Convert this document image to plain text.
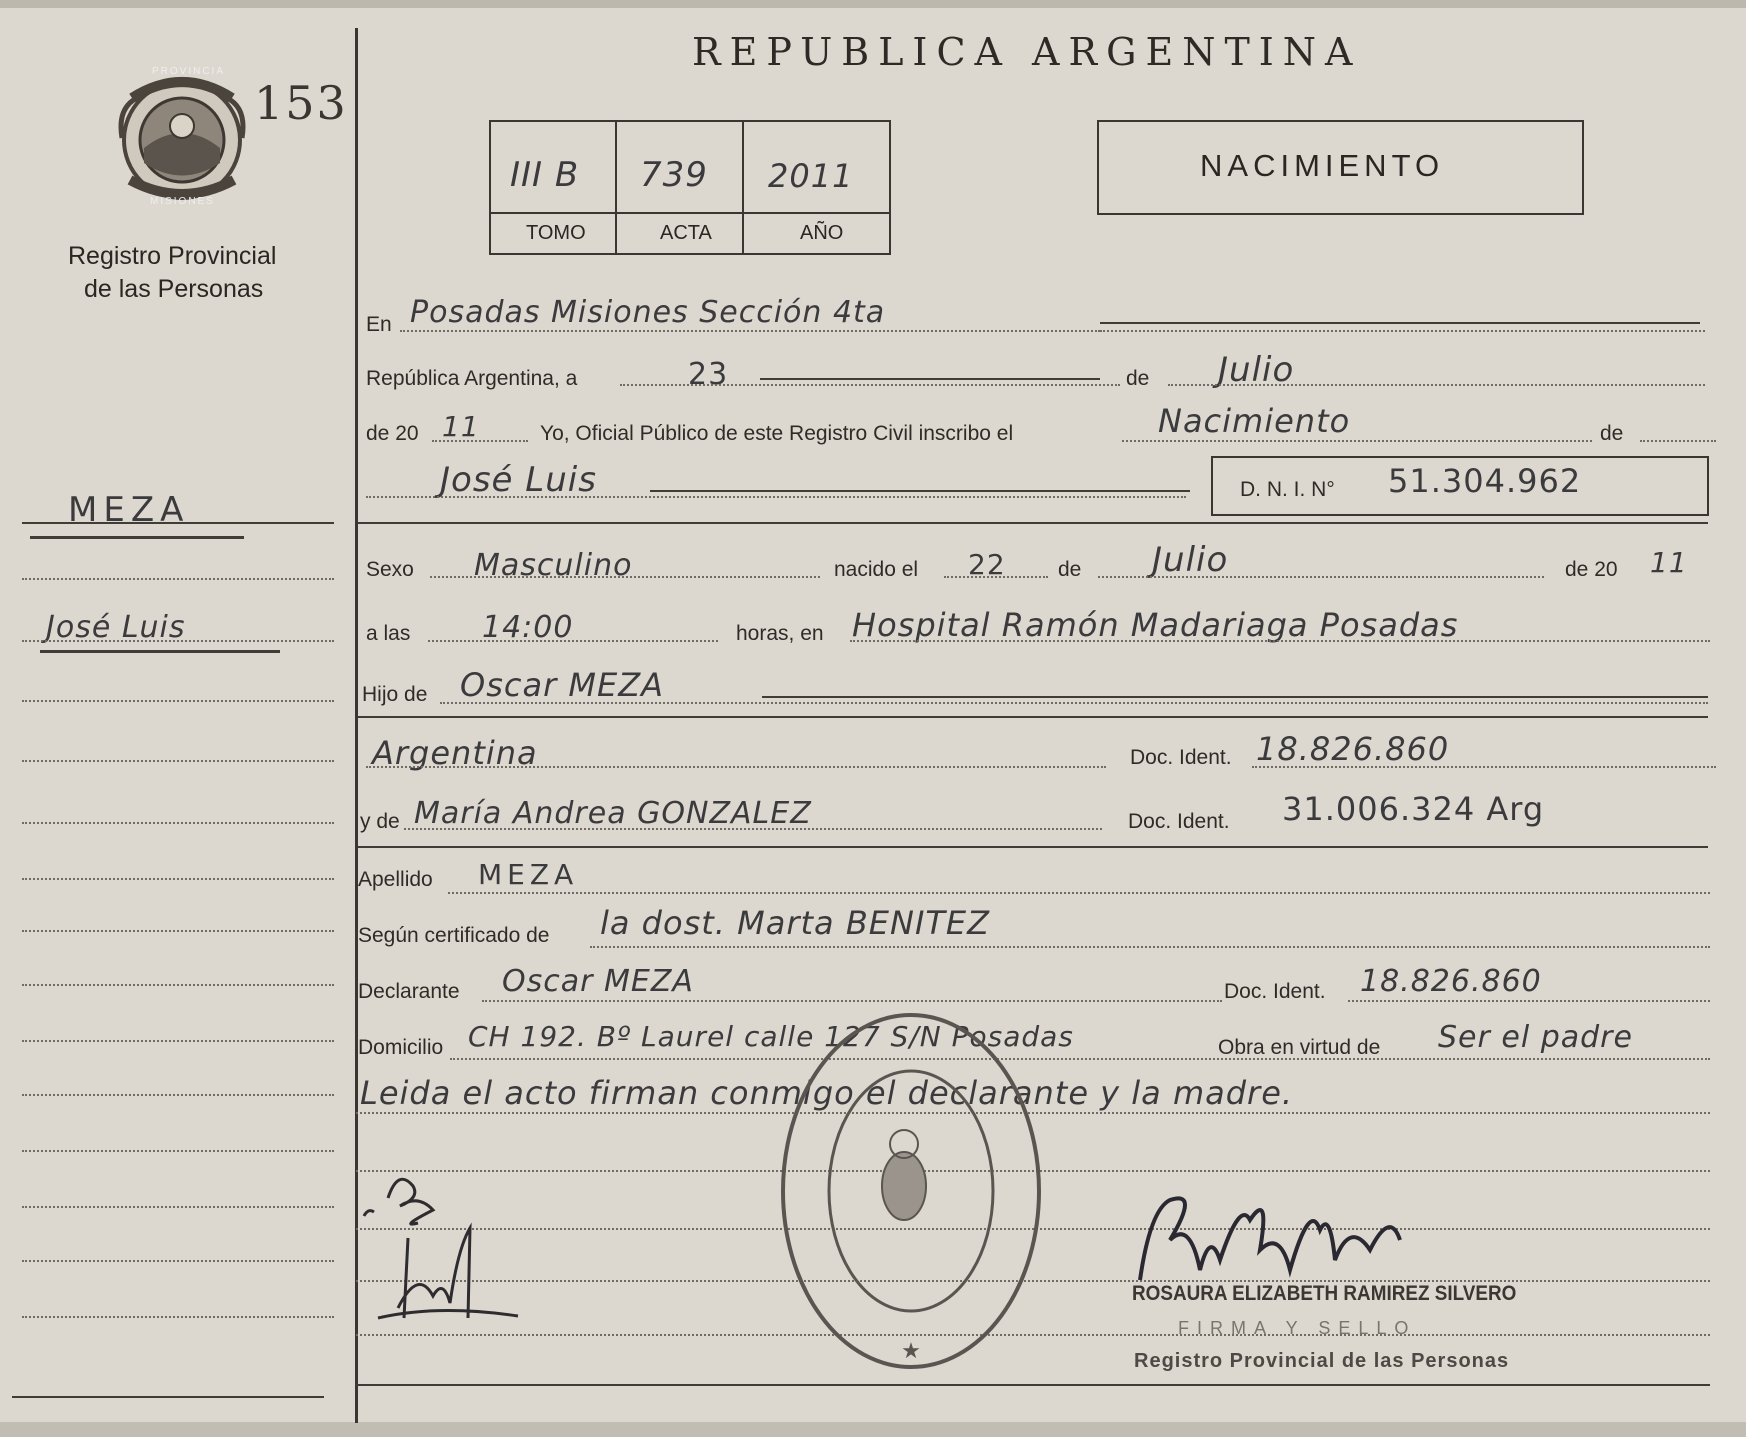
PROVINCIA
MISIONES
153
Registro Provincial
de las Personas
REPUBLICA ARGENTINA
III B 739 2011
TOMO	ACTA	AÑO
NACIMIENTO
MEZA
José Luis
En Posadas Misiones Sección 4ta
República Argentina, a	23	de Julio
de 20 11	Yo, Oficial Público de este Registro Civil inscribo el	Nacimiento	de
José Luis	D. N. I. N° 51.304.962
Sexo Masculino	nacido el 22 de Julio	de 20 11
a las 14:00	horas, en Hospital Ramón Madariaga Posadas
Hijo de Oscar MEZA
Argentina	Doc. Ident. 18.826.860
y de María Andrea GONZALEZ	Doc. Ident. 31.006.324 Arg
Apellido MEZA
Según certificado de la dost. Marta BENITEZ
Declarante Oscar MEZA	Doc. Ident. 18.826.860
Domicilio CH 192. Bº Laurel calle 127 S/N Posadas	Obra en virtud de Ser el padre
Leida el acto firman conmigo el declarante y la madre.
★
ROSAURA ELIZABETH RAMIREZ SILVERO
FIRMA Y SELLO
Registro Provincial de las Personas
